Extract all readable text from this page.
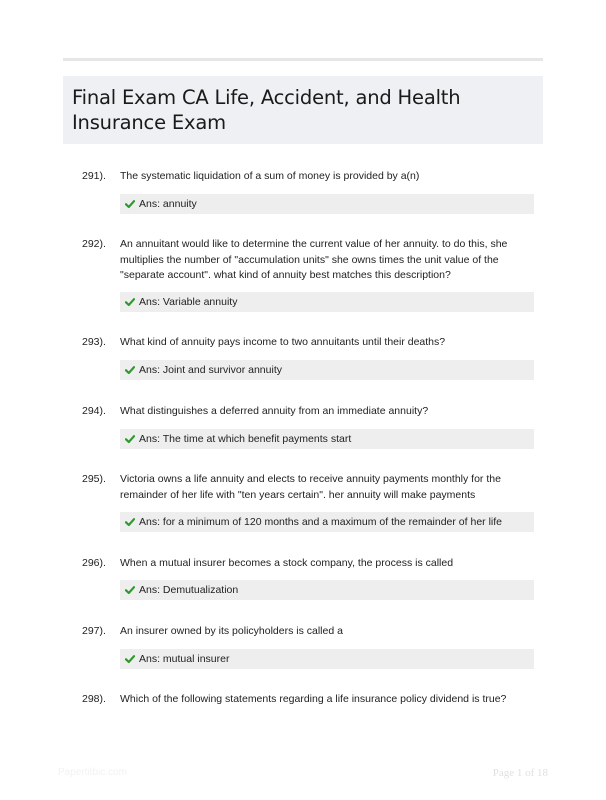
Final Exam CA Life, Accident, and Health Insurance Exam
291). The systematic liquidation of a sum of money is provided by a(n)
Ans: annuity
292). An annuitant would like to determine the current value of her annuity. to do this, she multiplies the number of "accumulation units" she owns times the unit value of the "separate account". what kind of annuity best matches this description?
Ans: Variable annuity
293). What kind of annuity pays income to two annuitants until their deaths?
Ans: Joint and survivor annuity
294). What distinguishes a deferred annuity from an immediate annuity?
Ans: The time at which benefit payments start
295). Victoria owns a life annuity and elects to receive annuity payments monthly for the remainder of her life with "ten years certain". her annuity will make payments
Ans: for a minimum of 120 months and a maximum of the remainder of her life
296). When a mutual insurer becomes a stock company, the process is called
Ans: Demutualization
297). An insurer owned by its policyholders is called a
Ans: mutual insurer
298). Which of the following statements regarding a life insurance policy dividend is true?
Papertitbic.com	Page 1 of 18
